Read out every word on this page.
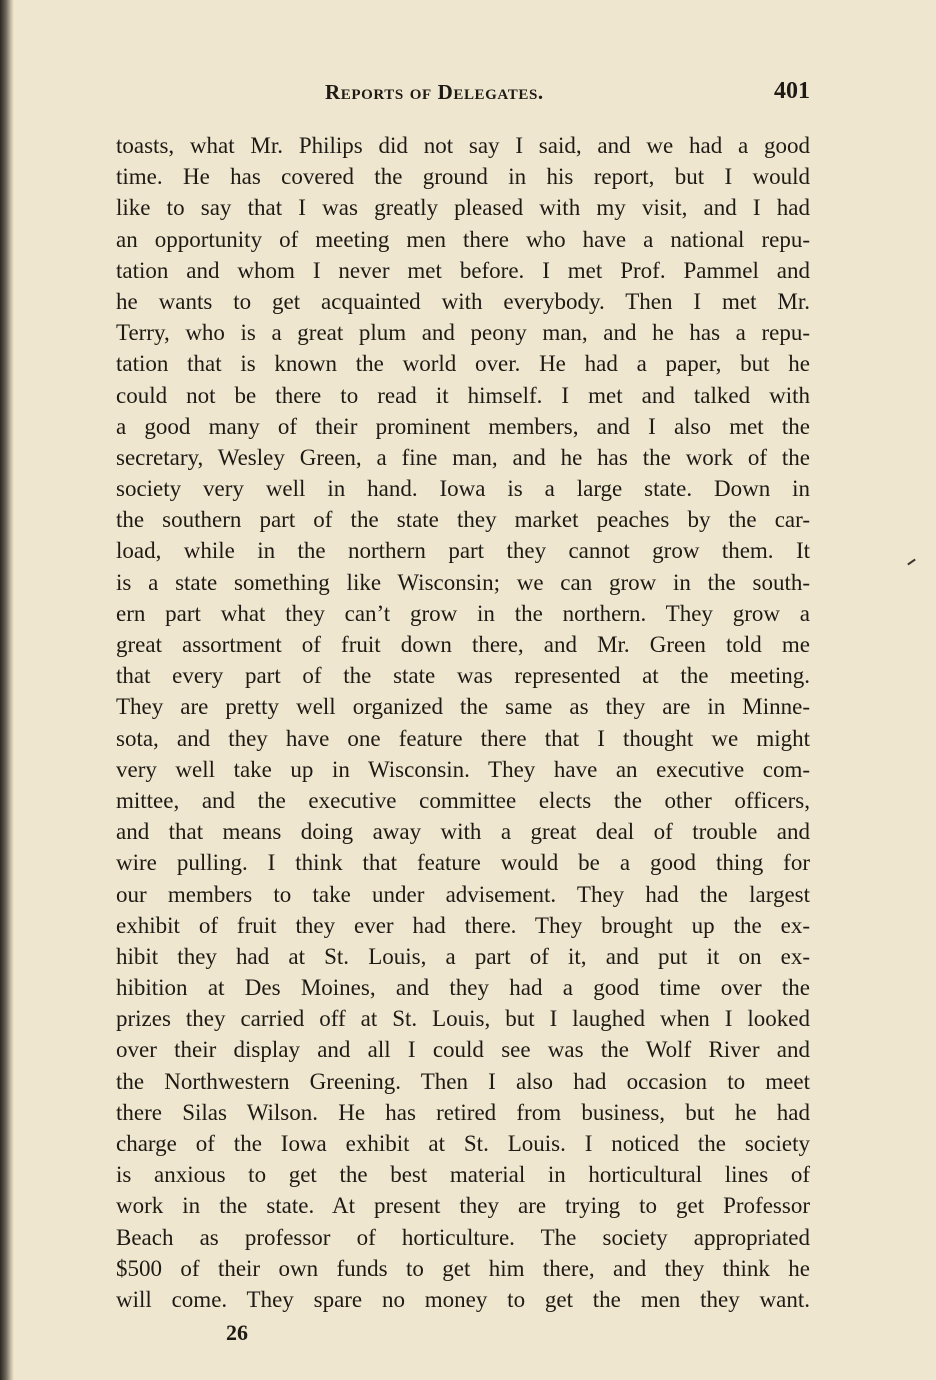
Reports of Delegates.	401
toasts, what Mr. Philips did not say I said, and we had a good
time. He has covered the ground in his report, but I would
like to say that I was greatly pleased with my visit, and I had
an opportunity of meeting men there who have a national repu-
tation and whom I never met before. I met Prof. Pammel and
he wants to get acquainted with everybody. Then I met Mr.
Terry, who is a great plum and peony man, and he has a repu-
tation that is known the world over. He had a paper, but he
could not be there to read it himself. I met and talked with
a good many of their prominent members, and I also met the
secretary, Wesley Green, a fine man, and he has the work of the
society very well in hand. Iowa is a large state. Down in
the southern part of the state they market peaches by the car-
load, while in the northern part they cannot grow them. It
is a state something like Wisconsin; we can grow in the south-
ern part what they can’t grow in the northern. They grow a
great assortment of fruit down there, and Mr. Green told me
that every part of the state was represented at the meeting.
They are pretty well organized the same as they are in Minne-
sota, and they have one feature there that I thought we might
very well take up in Wisconsin. They have an executive com-
mittee, and the executive committee elects the other officers,
and that means doing away with a great deal of trouble and
wire pulling. I think that feature would be a good thing for
our members to take under advisement. They had the largest
exhibit of fruit they ever had there. They brought up the ex-
hibit they had at St. Louis, a part of it, and put it on ex-
hibition at Des Moines, and they had a good time over the
prizes they carried off at St. Louis, but I laughed when I looked
over their display and all I could see was the Wolf River and
the Northwestern Greening. Then I also had occasion to meet
there Silas Wilson. He has retired from business, but he had
charge of the Iowa exhibit at St. Louis. I noticed the society
is anxious to get the best material in horticultural lines of
work in the state. At present they are trying to get Professor
Beach as professor of horticulture. The society appropriated
$500 of their own funds to get him there, and they think he
will come. They spare no money to get the men they want.
26
